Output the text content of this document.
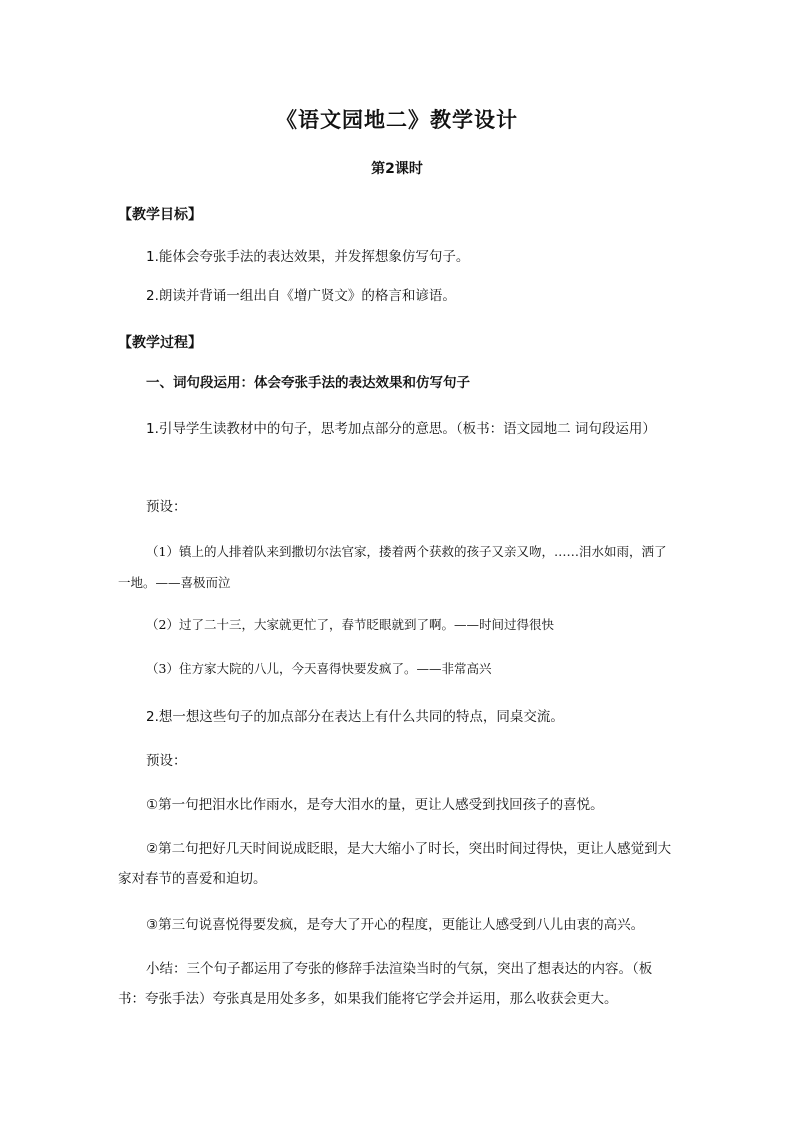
《语文园地二》教学设计
第2课时
【教学目标】
1.能体会夸张手法的表达效果，并发挥想象仿写句子。
2.朗读并背诵一组出自《增广贤文》的格言和谚语。
【教学过程】
一、词句段运用：体会夸张手法的表达效果和仿写句子
1.引导学生读教材中的句子，思考加点部分的意思。（板书：语文园地二 词句段运用）
预设：
（1）镇上的人排着队来到撒切尔法官家，搂着两个获救的孩子又亲又吻，……泪水如雨，洒了一地。——喜极而泣
（2）过了二十三，大家就更忙了，春节眨眼就到了啊。——时间过得很快
（3）住方家大院的八儿，今天喜得快要发疯了。——非常高兴
2.想一想这些句子的加点部分在表达上有什么共同的特点，同桌交流。
预设：
①第一句把泪水比作雨水，是夸大泪水的量，更让人感受到找回孩子的喜悦。
②第二句把好几天时间说成眨眼，是大大缩小了时长，突出时间过得快，更让人感觉到大家对春节的喜爱和迫切。
③第三句说喜悦得要发疯，是夸大了开心的程度，更能让人感受到八儿由衷的高兴。
小结：三个句子都运用了夸张的修辞手法渲染当时的气氛，突出了想表达的内容。（板书：夸张手法）夸张真是用处多多，如果我们能将它学会并运用，那么收获会更大。
